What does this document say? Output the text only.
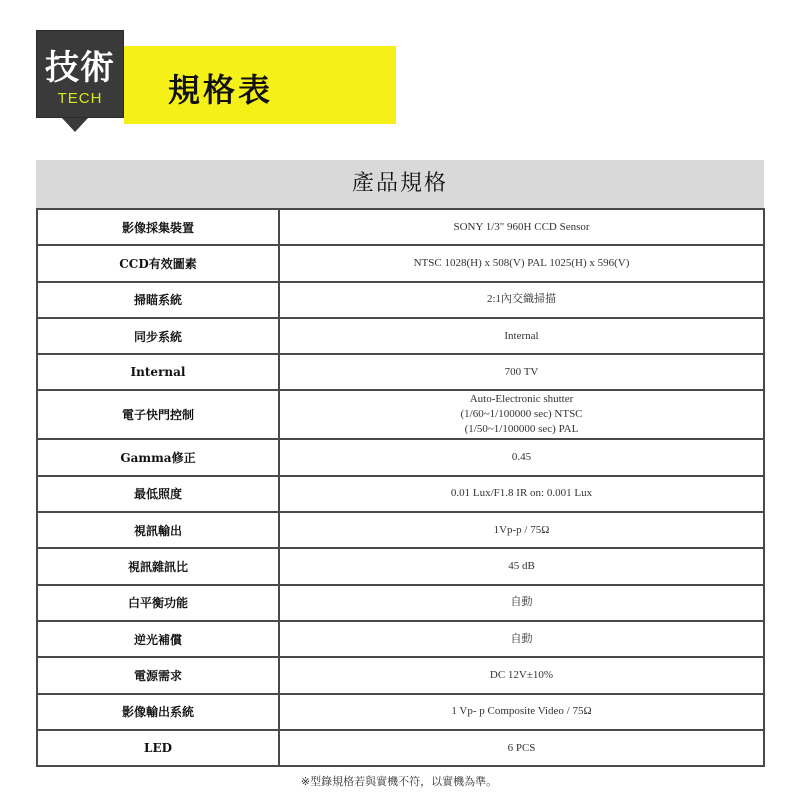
技術
TECH	規格表
產品規格
影像採集裝置	SONY 1/3" 960H CCD Sensor

CCD有效圖素	NTSC 1028(H) x 508(V) PAL 1025(H) x 596(V)

掃瞄系統	2:1內交織掃描

同步系統	Internal

Internal	700 TV

電子快門控制	Auto-Electronic shutter
(1/60~1/100000 sec) NTSC
(1/50~1/100000 sec) PAL

Gamma修正	0.45

最低照度	0.01 Lux/F1.8 IR on: 0.001 Lux

視訊輸出	1Vp-p / 75Ω

視訊雜訊比	45 dB

白平衡功能	自動

逆光補償	自動

電源需求	DC 12V±10%

影像輸出系統	1 Vp- p Composite Video / 75Ω

LED	6 PCS
※型錄規格若與實機不符，以實機為準。
